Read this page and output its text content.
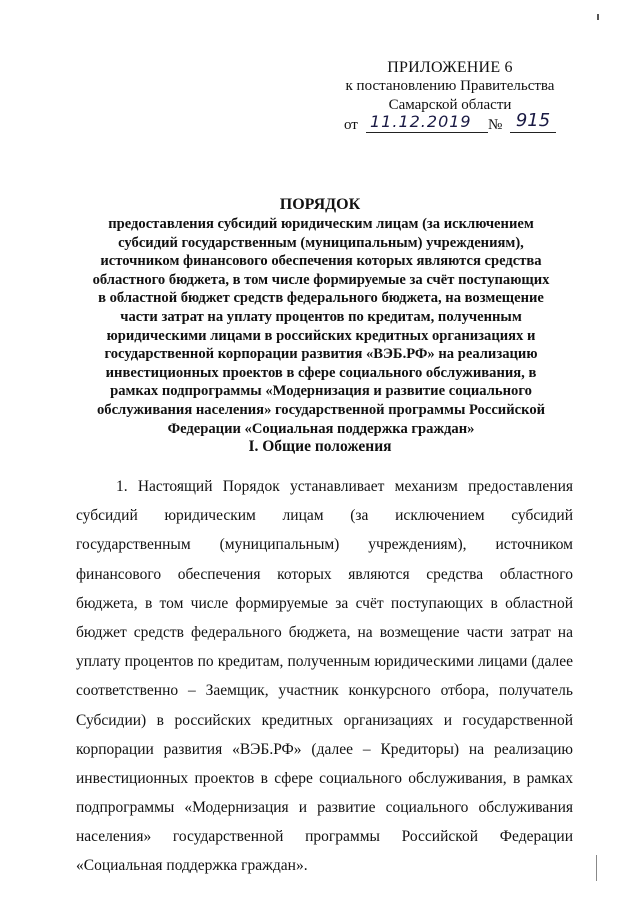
ПРИЛОЖЕНИЕ 6
к постановлению Правительства
Самарской области
от 11.12.2019	№ 915
ПОРЯДОК
предоставления субсидий юридическим лицам (за исключением субсидий государственным (муниципальным) учреждениям), источником финансового обеспечения которых являются средства областного бюджета, в том числе формируемые за счёт поступающих в областной бюджет средств федерального бюджета, на возмещение части затрат на уплату процентов по кредитам, полученным юридическими лицами в российских кредитных организациях и государственной корпорации развития «ВЭБ.РФ» на реализацию инвестиционных проектов в сфере социального обслуживания, в рамках подпрограммы «Модернизация и развитие социального обслуживания населения» государственной программы Российской Федерации «Социальная поддержка граждан»
I. Общие положения
1. Настоящий Порядок устанавливает механизм предоставления
субсидий юридическим лицам (за исключением субсидий
государственным (муниципальным) учреждениям), источником
финансового обеспечения которых являются средства областного
бюджета, в том числе формируемые за счёт поступающих в областной
бюджет средств федерального бюджета, на возмещение части затрат на
уплату процентов по кредитам, полученным юридическими лицами (далее
соответственно – Заемщик, участник конкурсного отбора, получатель
Субсидии) в российских кредитных организациях и государственной
корпорации развития «ВЭБ.РФ» (далее – Кредиторы) на реализацию
инвестиционных проектов в сфере социального обслуживания, в рамках
подпрограммы «Модернизация и развитие социального обслуживания
населения» государственной программы Российской Федерации
«Социальная поддержка граждан».
